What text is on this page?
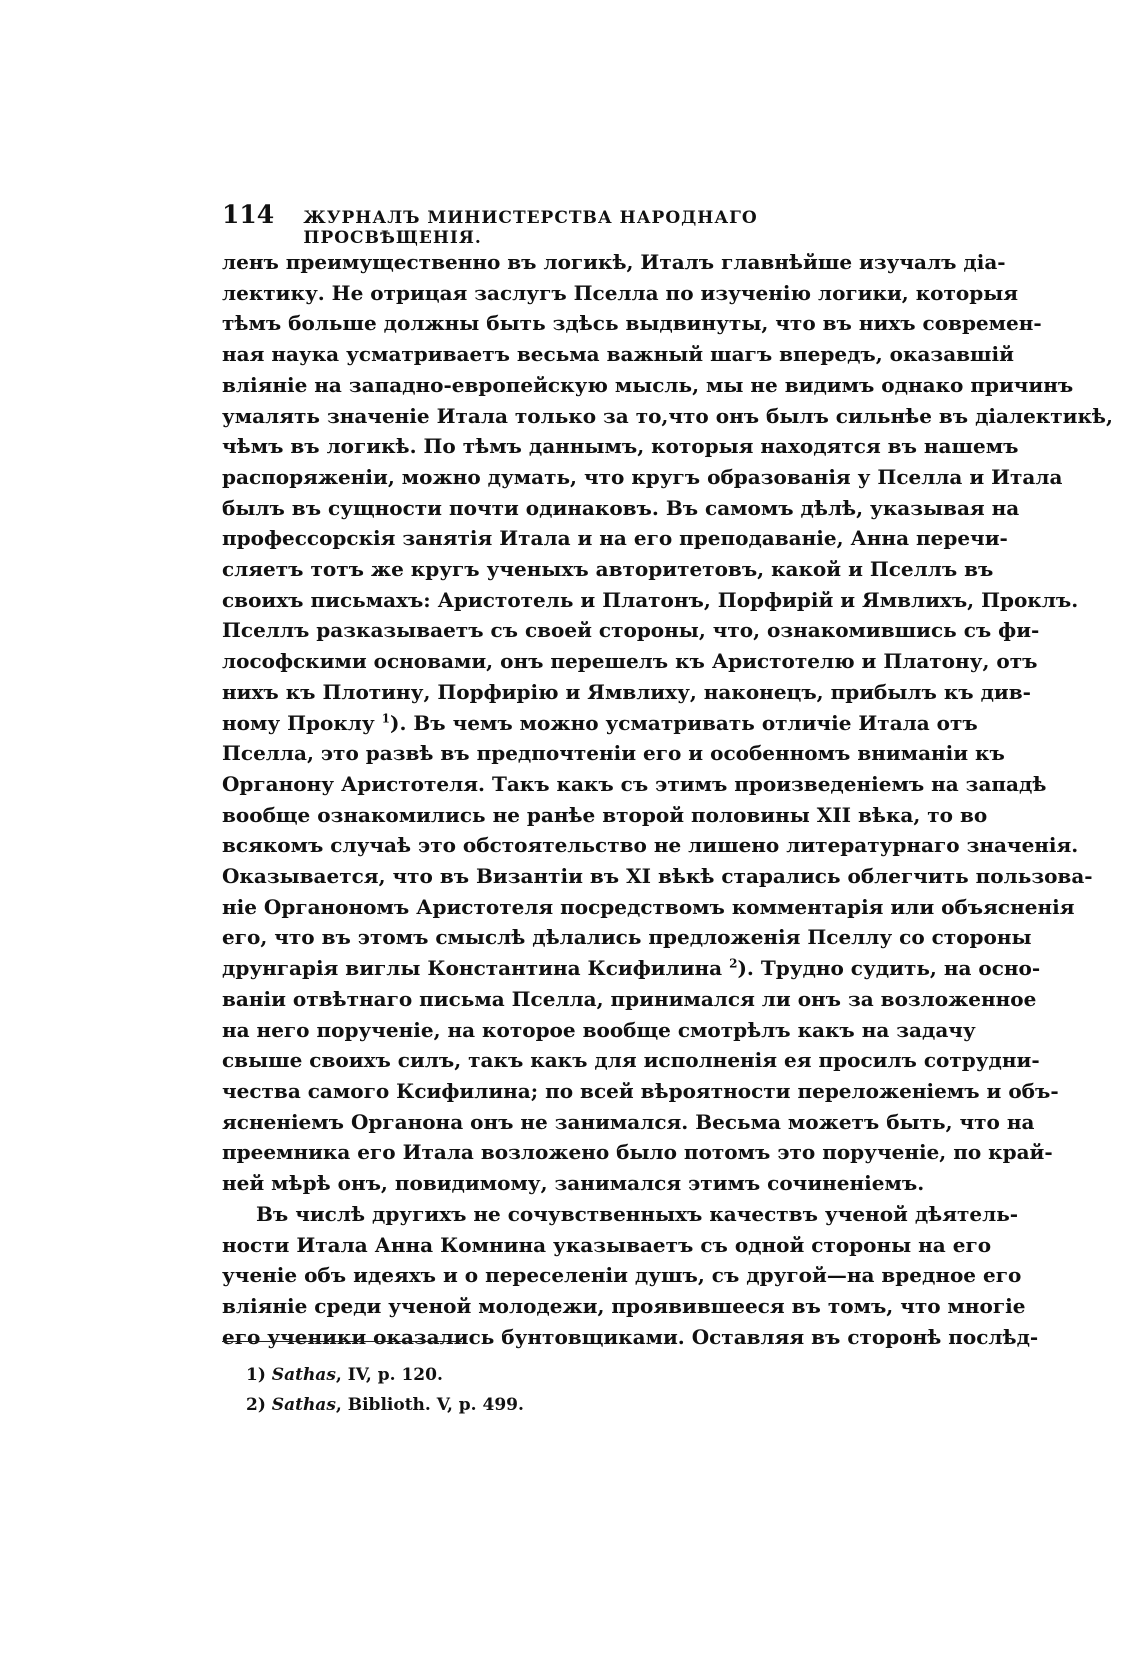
114	ЖУРНАЛЪ МИНИСТЕРСТВА НАРОДНАГО ПРОСВѢЩЕНІЯ.
ленъ преимущественно въ логикѣ, Италъ главнѣйше изучалъ діа-
лектику. Не отрицая заслугъ Пселла по изученію логики, которыя
тѣмъ больше должны быть здѣсь выдвинуты, что въ нихъ современ-
ная наука усматриваетъ весьма важный шагъ впередъ, оказавшій
вліяніе на западно-европейскую мысль, мы не видимъ однако причинъ
умалять значеніе Итала только за то,что онъ былъ сильнѣе въ діалектикѣ,
чѣмъ въ логикѣ. По тѣмъ даннымъ, которыя находятся въ нашемъ
распоряженіи, можно думать, что кругъ образованія у Пселла и Итала
былъ въ сущности почти одинаковъ. Въ самомъ дѣлѣ, указывая на
профессорскія занятія Итала и на его преподаваніе, Анна перечи-
сляетъ тотъ же кругъ ученыхъ авторитетовъ, какой и Пселлъ въ
своихъ письмахъ: Аристотель и Платонъ, Порфирій и Ямвлихъ, Проклъ.
Пселлъ разказываетъ съ своей стороны, что, ознакомившись съ фи-
лософскими основами, онъ перешелъ къ Аристотелю и Платону, отъ
нихъ къ Плотину, Порфирію и Ямвлиху, наконецъ, прибылъ къ див-
ному Проклу $^1$). Въ чемъ можно усматривать отличіе Итала отъ
Пселла, это развѣ въ предпочтеніи его и особенномъ вниманіи къ
Органону Аристотеля. Такъ какъ съ этимъ произведеніемъ на западѣ
вообще ознакомились не ранѣе второй половины XII вѣка, то во
всякомъ случаѣ это обстоятельство не лишено литературнаго значенія.
Оказывается, что въ Византіи въ XI вѣкѣ старались облегчить пользова-
ніе Органономъ Аристотеля посредствомъ комментарія или объясненія
его, что въ этомъ смыслѣ дѣлались предложенія Пселлу со стороны
друнгарія виглы Константина Ксифилина $^2$). Трудно судить, на осно-
ваніи отвѣтнаго письма Пселла, принимался ли онъ за возложенное
на него порученіе, на которое вообще смотрѣлъ какъ на задачу
свыше своихъ силъ, такъ какъ для исполненія ея просилъ сотрудни-
чества самого Ксифилина; по всей вѣроятности переложеніемъ и объ-
ясненіемъ Органона онъ не занимался. Весьма можетъ быть, что на
преемника его Итала возложено было потомъ это порученіе, по край-
ней мѣрѣ онъ, повидимому, занимался этимъ сочиненіемъ.
Въ числѣ другихъ не сочувственныхъ качествъ ученой дѣятель-
ности Итала Анна Комнина указываетъ съ одной стороны на его
ученіе объ идеяхъ и о переселеніи душъ, съ другой—на вредное его
вліяніе среди ученой молодежи, проявившееся въ томъ, что многіе
его ученики оказались бунтовщиками. Оставляя въ сторонѣ послѣд-
1) Sathas, IV, p. 120.
2) Sathas, Biblioth. V, p. 499.
